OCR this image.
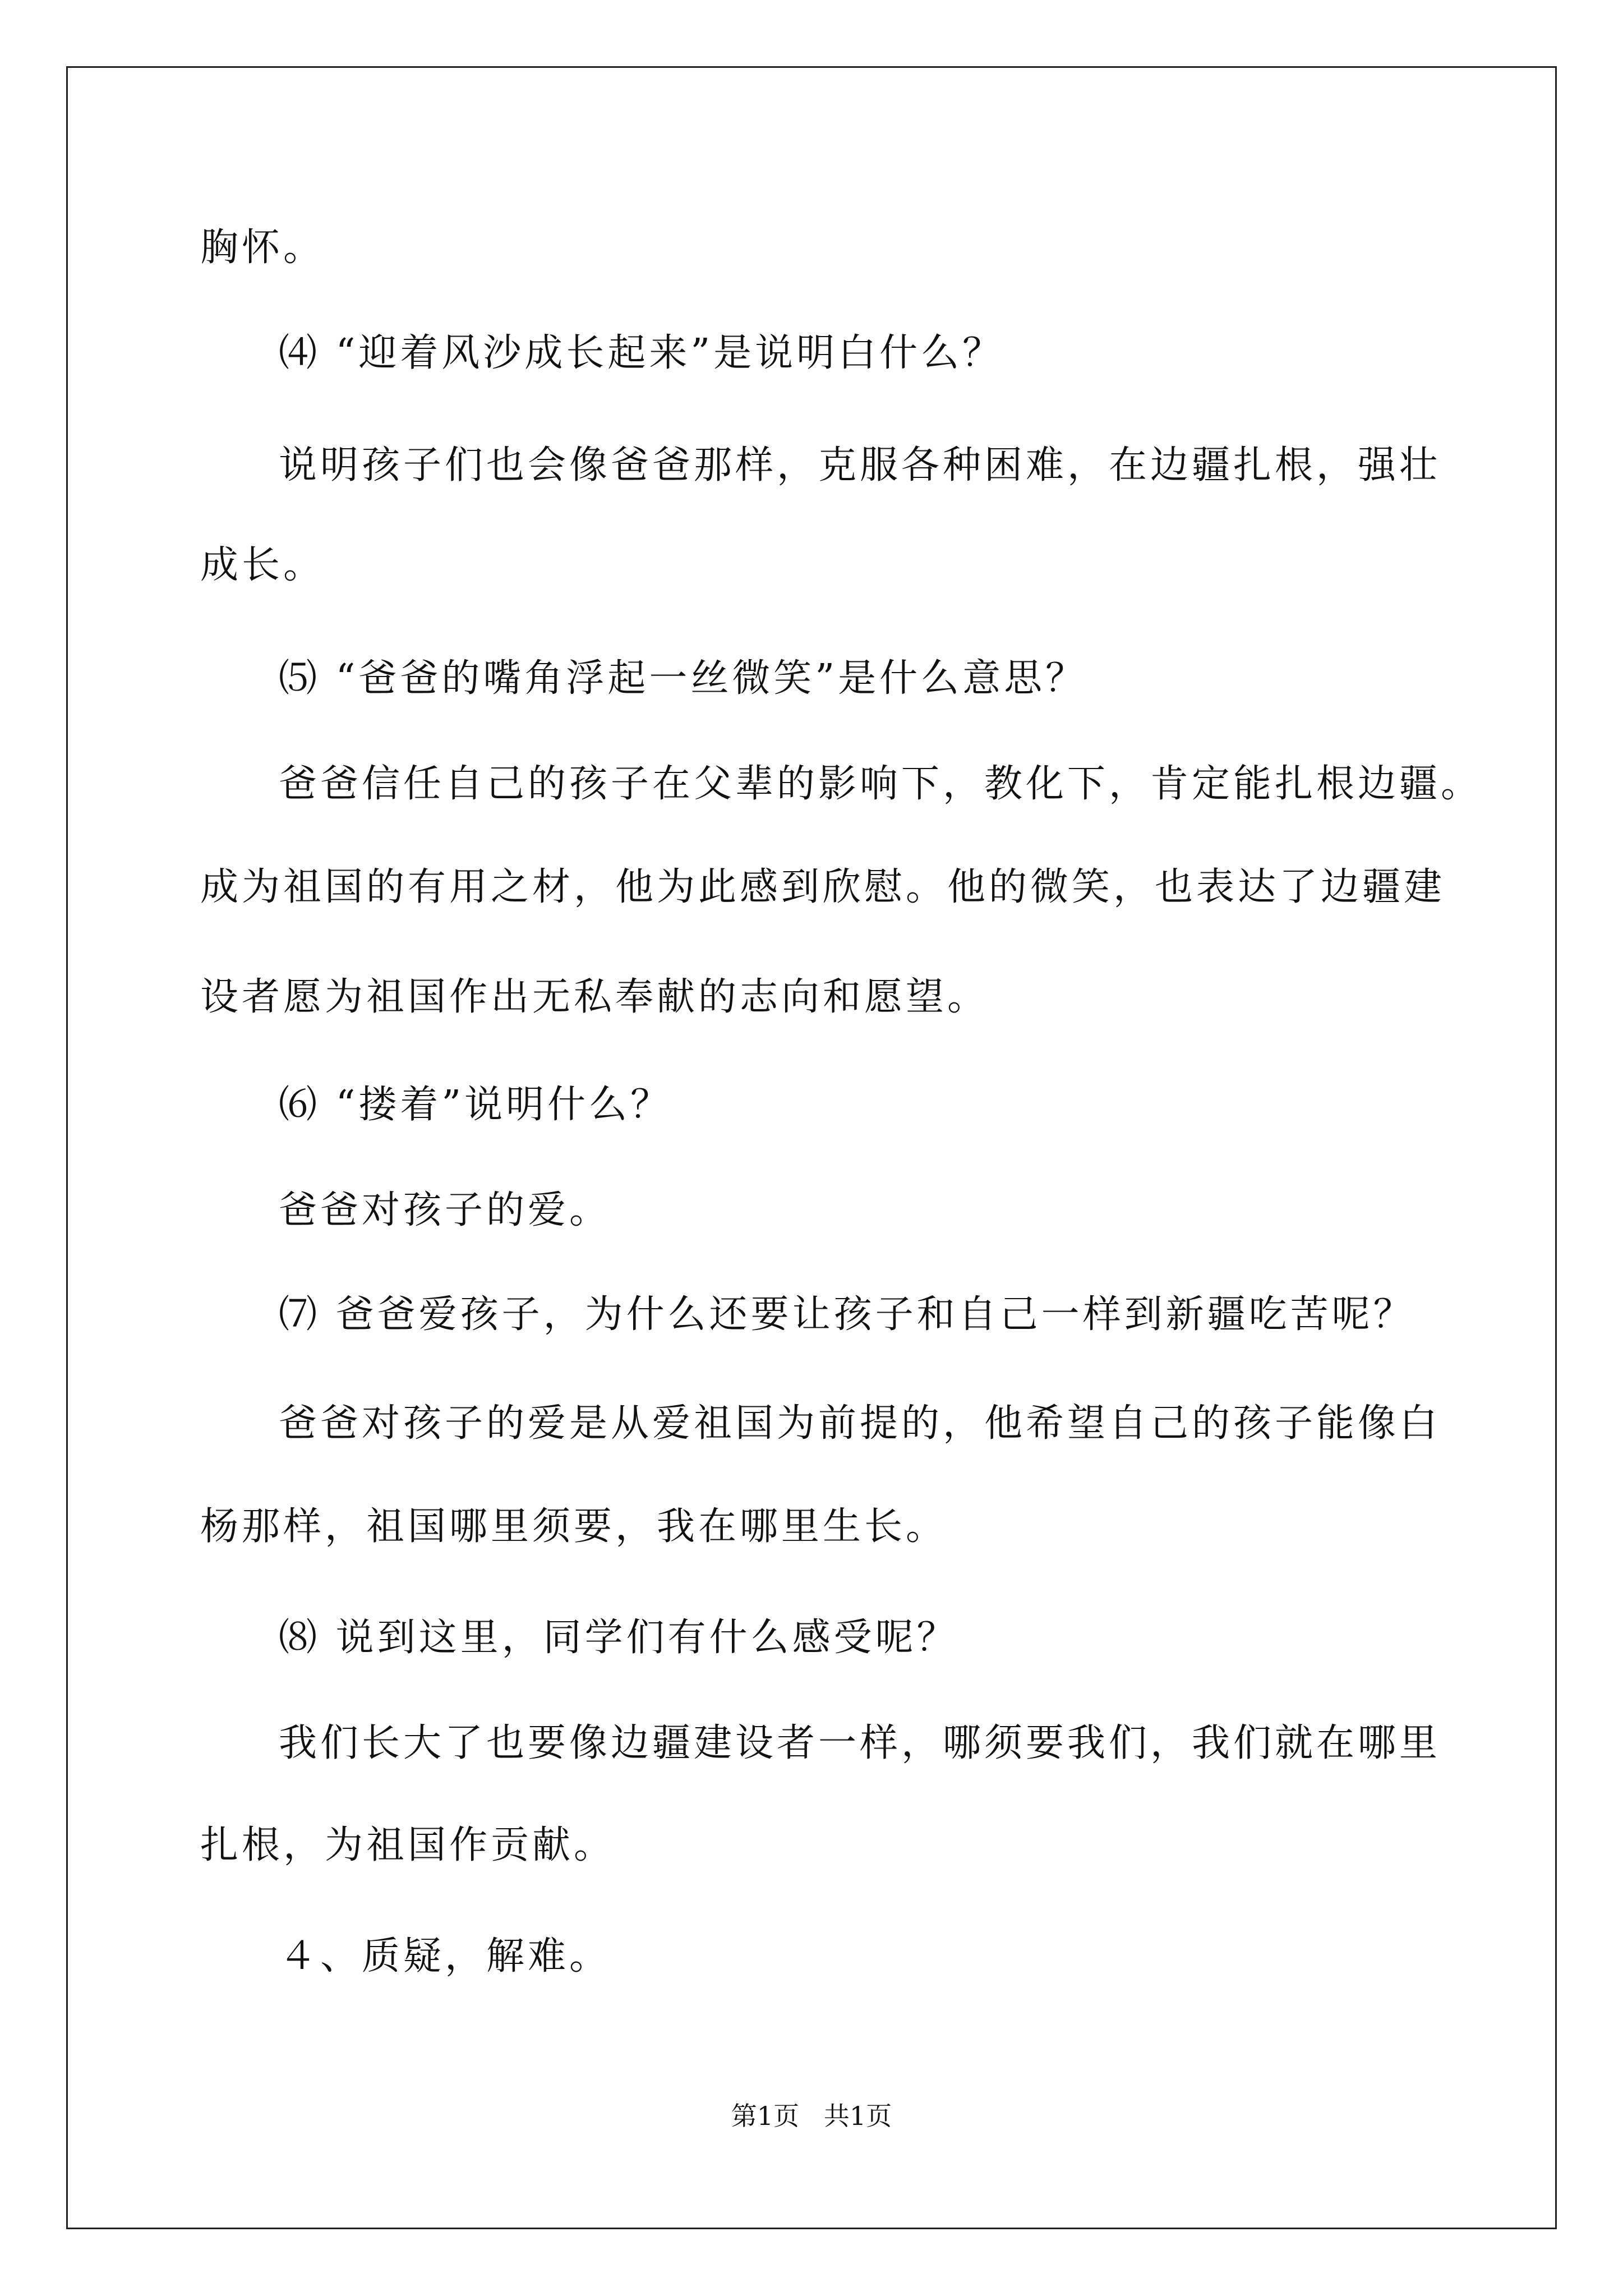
胸怀。
⑷ “迎着风沙成长起来”是说明白什么？
说明孩子们也会像爸爸那样，克服各种困难，在边疆扎根，强壮
成长。
⑸ “爸爸的嘴角浮起一丝微笑”是什么意思？
爸爸信任自己的孩子在父辈的影响下，教化下，肯定能扎根边疆。
成为祖国的有用之材，他为此感到欣慰。他的微笑，也表达了边疆建
设者愿为祖国作出无私奉献的志向和愿望。
⑹ “搂着”说明什么？
爸爸对孩子的爱。
⑺ 爸爸爱孩子，为什么还要让孩子和自己一样到新疆吃苦呢？
爸爸对孩子的爱是从爱祖国为前提的，他希望自己的孩子能像白
杨那样，祖国哪里须要，我在哪里生长。
⑻ 说到这里，同学们有什么感受呢？
我们长大了也要像边疆建设者一样，哪须要我们，我们就在哪里
扎根，为祖国作贡献。
４、质疑，解难。
第1页   共1页
